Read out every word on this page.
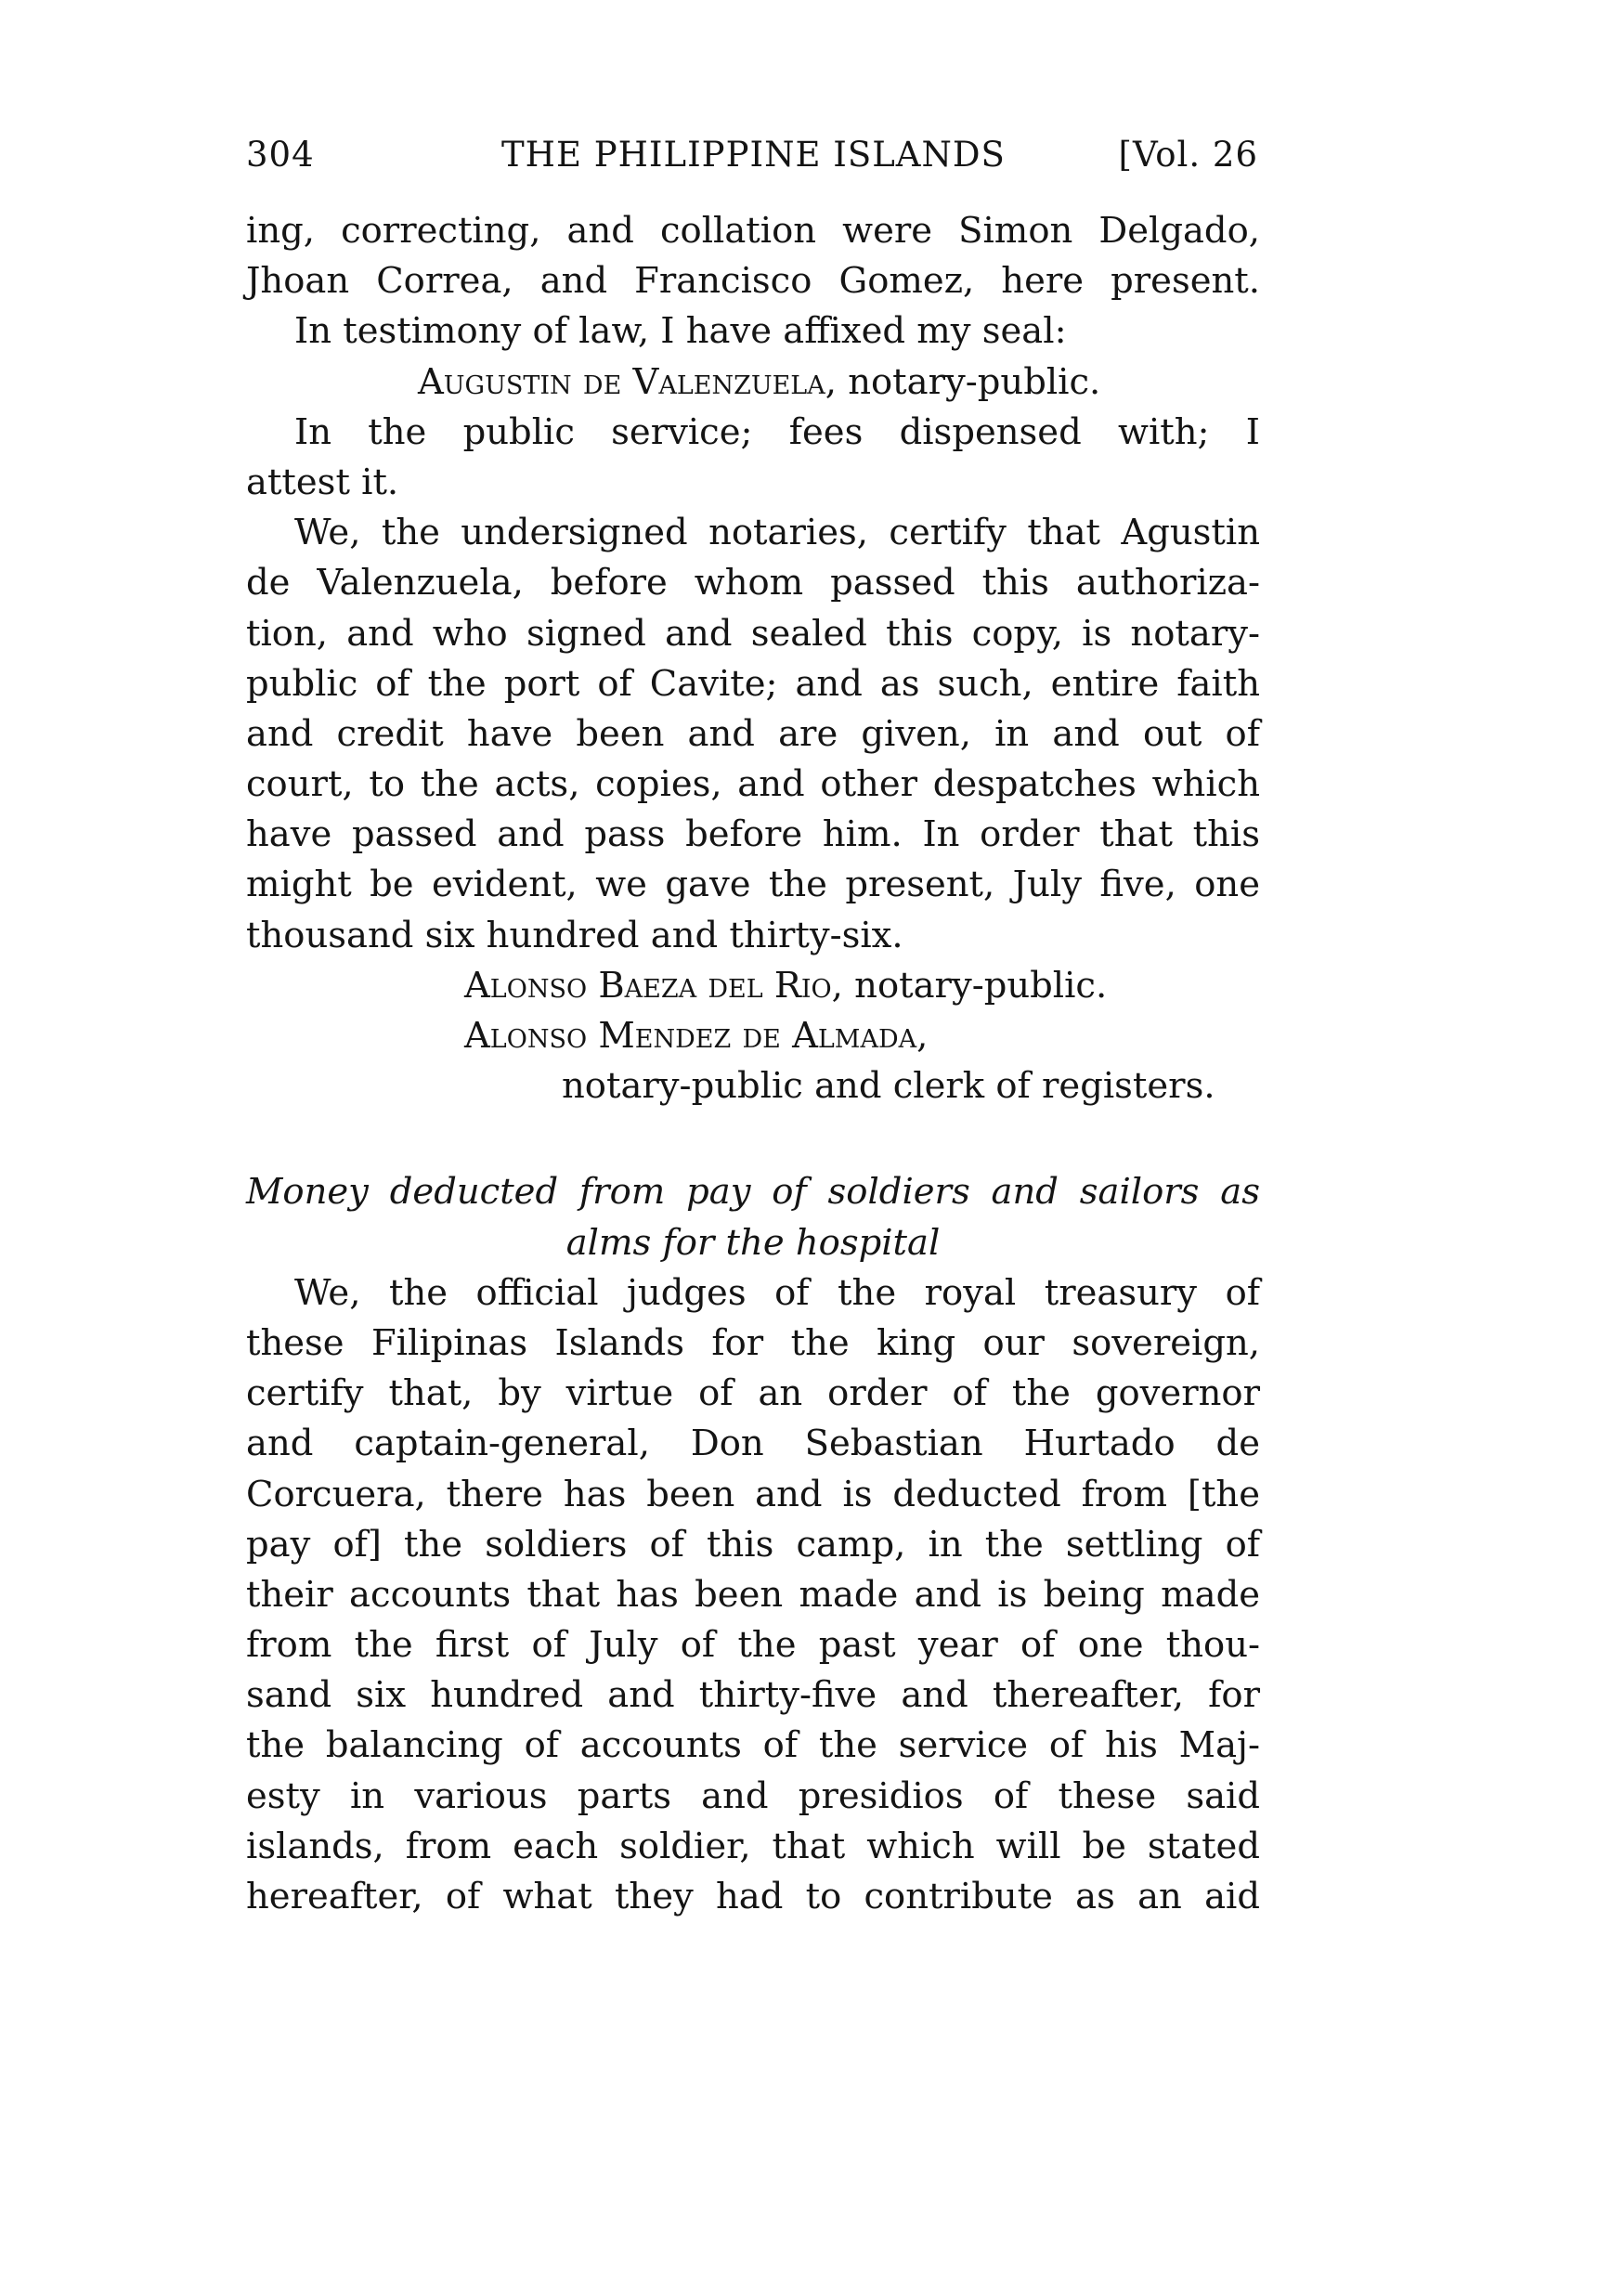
304	THE PHILIPPINE ISLANDS	[Vol. 26
ing, correcting, and collation were Simon Delgado,
Jhoan Correa, and Francisco Gomez, here present.
In testimony of law, I have affixed my seal:
Augustin de Valenzuela, notary-public.
In the public service; fees dispensed with; I
attest it.
We, the undersigned notaries, certify that Agustin
de Valenzuela, before whom passed this authoriza-
tion, and who signed and sealed this copy, is notary-
public of the port of Cavite; and as such, entire faith
and credit have been and are given, in and out of
court, to the acts, copies, and other despatches which
have passed and pass before him. In order that this
might be evident, we gave the present, July five, one
thousand six hundred and thirty-six.
Alonso Baeza del Rio, notary-public.
Alonso Mendez de Almada,
notary-public and clerk of registers.
Money deducted from pay of soldiers and sailors as
alms for the hospital
We, the official judges of the royal treasury of
these Filipinas Islands for the king our sovereign,
certify that, by virtue of an order of the governor
and captain-general, Don Sebastian Hurtado de
Corcuera, there has been and is deducted from [the
pay of] the soldiers of this camp, in the settling of
their accounts that has been made and is being made
from the first of July of the past year of one thou-
sand six hundred and thirty-five and thereafter, for
the balancing of accounts of the service of his Maj-
esty in various parts and presidios of these said
islands, from each soldier, that which will be stated
hereafter, of what they had to contribute as an aid
